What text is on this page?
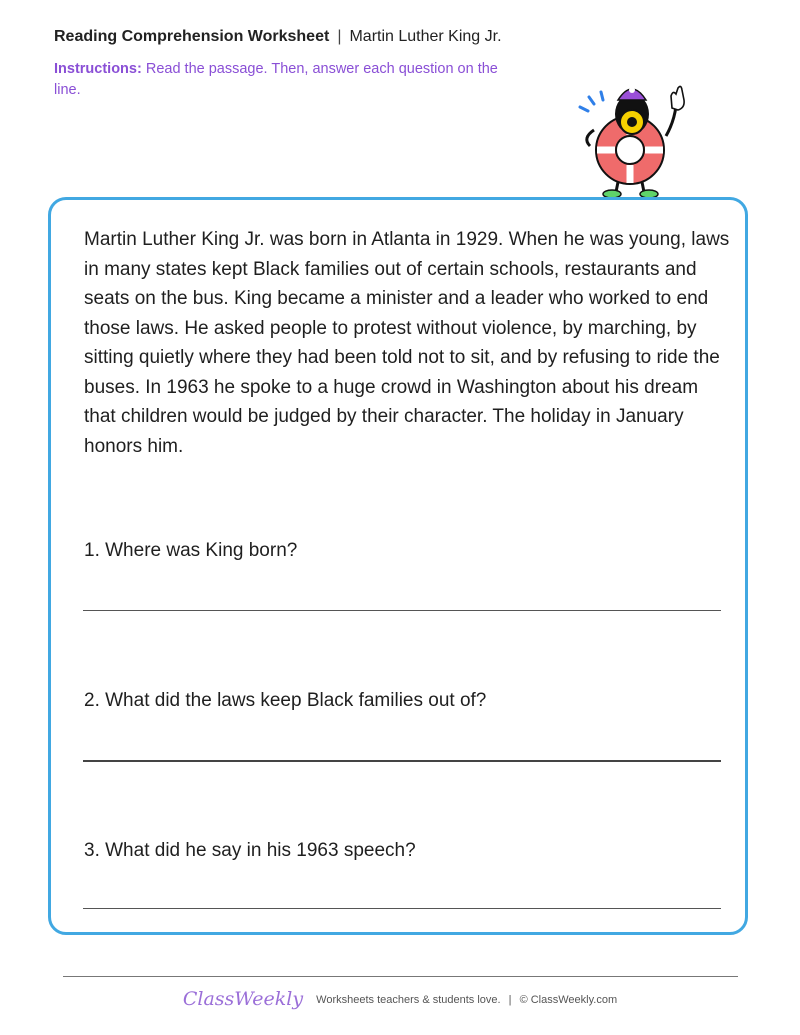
Reading Comprehension Worksheet | Martin Luther King Jr.
Instructions: Read the passage. Then, answer each question on the line.
Martin Luther King Jr. was born in Atlanta in 1929. When he was young, laws in many states kept Black families out of certain schools, restaurants and seats on the bus. King became a minister and a leader who worked to end those laws. He asked people to protest without violence, by marching, by sitting quietly where they had been told not to sit, and by refusing to ride the buses. In 1963 he spoke to a huge crowd in Washington about his dream that children would be judged by their character. The holiday in January honors him.
1. Where was King born?
2. What did the laws keep Black families out of?
3. What did he say in his 1963 speech?
ClassWeekly Worksheets teachers & students love. | © ClassWeekly.com
